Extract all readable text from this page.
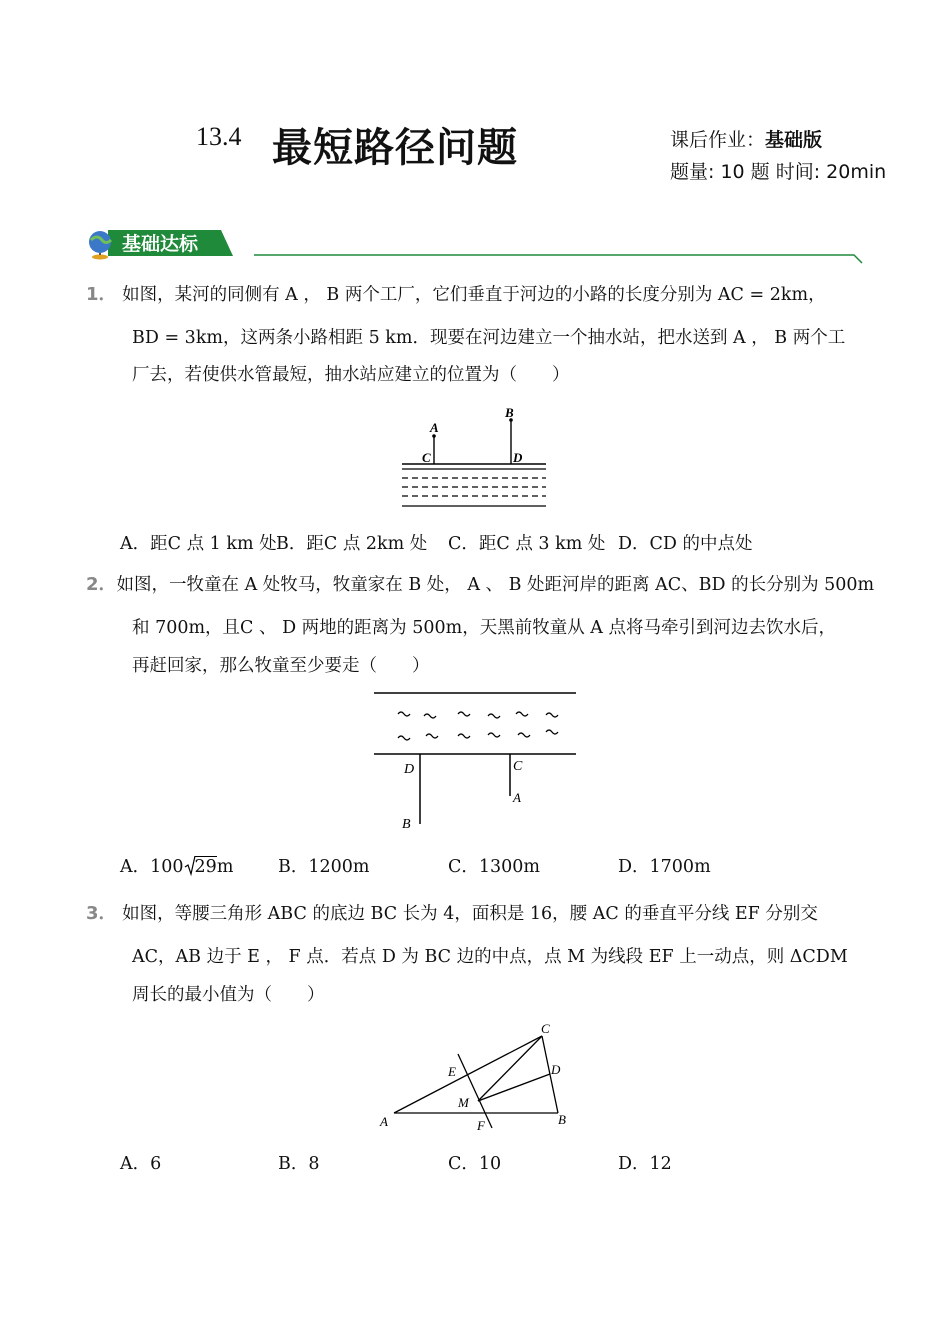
13.4 最短路径问题	课后作业：基础版
题量: 10 题 时间: 20min
基础达标
1． 如图，某河的同侧有 A ， B 两个工厂，它们垂直于河边的小路的长度分别为 AC = 2km，
BD = 3km，这两条小路相距 5 km．现要在河边建立一个抽水站，把水送到 A ， B 两个工
厂去，若使供水管最短，抽水站应建立的位置为（　　）
A
C
B
D
A．距C 点 1 km 处 B．距C 点 2km 处 C．距C 点 3 km 处 D．CD 的中点处
2．如图，一牧童在 A 处牧马，牧童家在 B 处， A 、 B 处距河岸的距离 AC、BD 的长分别为 500m
和 700m，且C 、 D 两地的距离为 500m，天黑前牧童从 A 点将马牵引到河边去饮水后，
再赶回家，那么牧童至少要走（　　）
D	C
A
B
A．100 29m	B．1200m	C．1300m	D．1700m
3． 如图，等腰三角形 ABC 的底边 BC 长为 4，面积是 16，腰 AC 的垂直平分线 EF 分别交
AC，AB 边于 E ， F 点．若点 D 为 BC 边的中点，点 M 为线段 EF 上一动点，则 ΔCDM
周长的最小值为（　　）
C
E	D
M
A	F	B
A．6	B．8	C．10	D．12
